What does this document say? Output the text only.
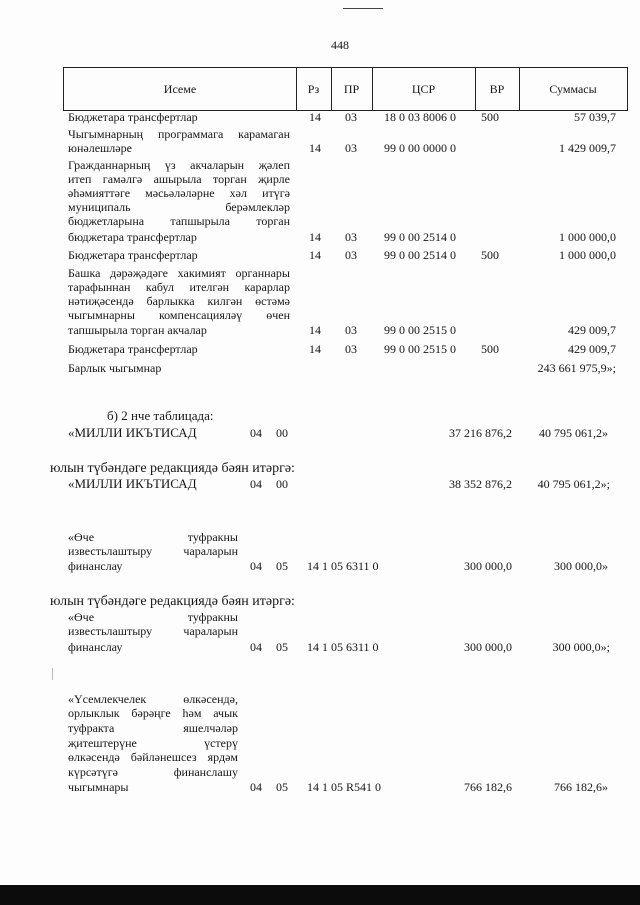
448
Исеме	Рз	ПР	ЦСР	ВР	Суммасы
Бюджетара трансфертлар	14 03 18 0 03 8006 0 500	57 039,7
Чыгымнарның программага карамаган
юнәлешләре	14 03 99 0 00 0000 0	1 429 009,7
Гражданнарның үз акчаларын җәлеп
итеп гамәлгә ашырыла торган җирле
әһәмияттәге мәсьәләләрне хәл итүгә
муниципаль берәмлекләр
бюджетларына тапшырыла торган
бюджетара трансфертлар	14 03 99 0 00 2514 0	1 000 000,0
Бюджетара трансфертлар	14 03 99 0 00 2514 0 500	1 000 000,0
Башка дәрәҗәдәге хакимият органнары
тарафыннан кабул ителгән карарлар
нәтиҗәсендә барлыкка килгән өстәмә
чыгымнарны компенсацияләү өчен
тапшырыла торган акчалар	14 03 99 0 00 2515 0	429 009,7
Бюджетара трансфертлар	14 03 99 0 00 2515 0 500	429 009,7
Барлык чыгымнар	243 661 975,9»;
б) 2 нче таблицада:
«МИЛЛИ ИКЪТИСАД	04 00	37 216 876,2	40 795 061,2»
юлын түбәндәге редакциядә бәян итәргә:
«МИЛЛИ ИКЪТИСАД	04 00	38 352 876,2	40 795 061,2»;
«Өче туфракны
известьлаштыру чараларын
финанслау	04 05 14 1 05 6311 0	300 000,0	300 000,0»
юлын түбәндәге редакциядә бәян итәргә:
«Өче туфракны
известьлаштыру чараларын
финанслау	04 05 14 1 05 6311 0	300 000,0	300 000,0»;
«Үсемлекчелек өлкәсендә,
орлыклык бәрәңге һәм ачык
туфракта яшелчәләр
җитештерүне үстерү
өлкәсендә бәйләнешсез ярдәм
күрсәтүгә финанслашу
чыгымнары	04 05 14 1 05 R541 0	766 182,6	766 182,6»
